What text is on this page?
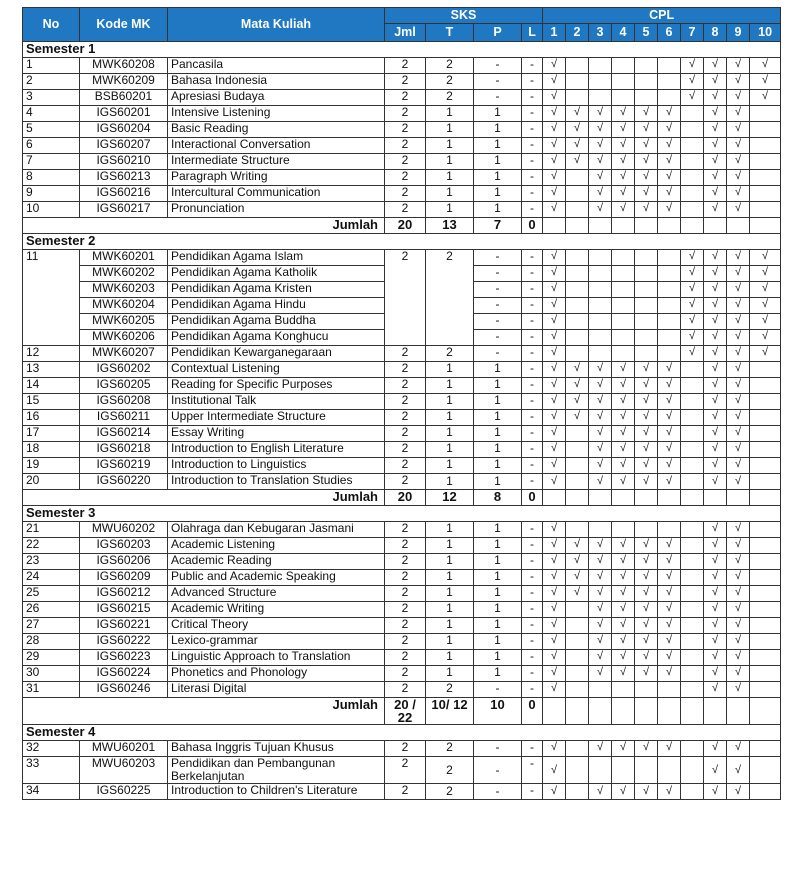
No	Kode MK	Mata Kuliah	SKS				CPL									
			Jml	T	P	L	1	2	3	4	5	6	7	8	9	10
Semester 1																
1	MWK60208	Pancasila	2	2	-	-	√						√	√	√	√
2	MWK60209	Bahasa Indonesia	2	2	-	-	√						√	√	√	√
3	BSB60201	Apresiasi Budaya	2	2	-	-	√						√	√	√	√
4	IGS60201	Intensive Listening	2	1	1	-	√	√	√	√	√	√		√	√	
5	IGS60204	Basic Reading	2	1	1	-	√	√	√	√	√	√		√	√	
6	IGS60207	Interactional Conversation	2	1	1	-	√	√	√	√	√	√		√	√	
7	IGS60210	Intermediate Structure	2	1	1	-	√	√	√	√	√	√		√	√	
8	IGS60213	Paragraph Writing	2	1	1	-	√		√	√	√	√		√	√	
9	IGS60216	Intercultural Communication	2	1	1	-	√		√	√	√	√		√	√	
10	IGS60217	Pronunciation	2	1	1	-	√		√	√	√	√		√	√	
Jumlah			20	13	7	0										
Semester 2																
11	MWK60201	Pendidikan Agama Islam	2	2	-	-	√						√	√	√	√
	MWK60202	Pendidikan Agama Katholik			-	-	√						√	√	√	√
	MWK60203	Pendidikan Agama Kristen			-	-	√						√	√	√	√
	MWK60204	Pendidikan Agama Hindu			-	-	√						√	√	√	√
	MWK60205	Pendidikan Agama Buddha			-	-	√						√	√	√	√
	MWK60206	Pendidikan Agama Konghucu			-	-	√						√	√	√	√
12	MWK60207	Pendidikan Kewarganegaraan	2	2	-	-	√						√	√	√	√
13	IGS60202	Contextual Listening	2	1	1	-	√	√	√	√	√	√		√	√	
14	IGS60205	Reading for Specific Purposes	2	1	1	-	√	√	√	√	√	√		√	√	
15	IGS60208	Institutional Talk	2	1	1	-	√	√	√	√	√	√		√	√	
16	IGS60211	Upper Intermediate Structure	2	1	1	-	√	√	√	√	√	√		√	√	
17	IGS60214	Essay Writing	2	1	1	-	√		√	√	√	√		√	√	
18	IGS60218	Introduction to English Literature	2	1	1	-	√		√	√	√	√		√	√	
19	IGS60219	Introduction to Linguistics	2	1	1	-	√		√	√	√	√		√	√	
20	IGS60220	Introduction to Translation Studies	2	1	1	-	√		√	√	√	√		√	√	
Jumlah			20	12	8	0										
Semester 3																
21	MWU60202	Olahraga dan Kebugaran Jasmani	2	1	1	-	√							√	√	
22	IGS60203	Academic Listening	2	1	1	-	√	√	√	√	√	√		√	√	
23	IGS60206	Academic Reading	2	1	1	-	√	√	√	√	√	√		√	√	
24	IGS60209	Public and Academic Speaking	2	1	1	-	√	√	√	√	√	√		√	√	
25	IGS60212	Advanced Structure	2	1	1	-	√	√	√	√	√	√		√	√	
26	IGS60215	Academic Writing	2	1	1	-	√		√	√	√	√		√	√	
27	IGS60221	Critical Theory	2	1	1	-	√		√	√	√	√		√	√	
28	IGS60222	Lexico-grammar	2	1	1	-	√		√	√	√	√		√	√	
29	IGS60223	Linguistic Approach to Translation	2	1	1	-	√		√	√	√	√		√	√	
30	IGS60224	Phonetics and Phonology	2	1	1	-	√		√	√	√	√		√	√	
31	IGS60246	Literasi Digital	2	2	-	-	√							√	√	
Jumlah			20 / 22	10/ 12	10	0										
Semester 4																
32	MWU60201	Bahasa Inggris Tujuan Khusus	2	2	-	-	√		√	√	√	√		√	√	
33	MWU60203	Pendidikan dan Pembangunan Berkelanjutan	2	2	-	-	√							√	√	
34	IGS60225	Introduction to Children's Literature	2	2	-	-	√		√	√	√	√		√	√	
